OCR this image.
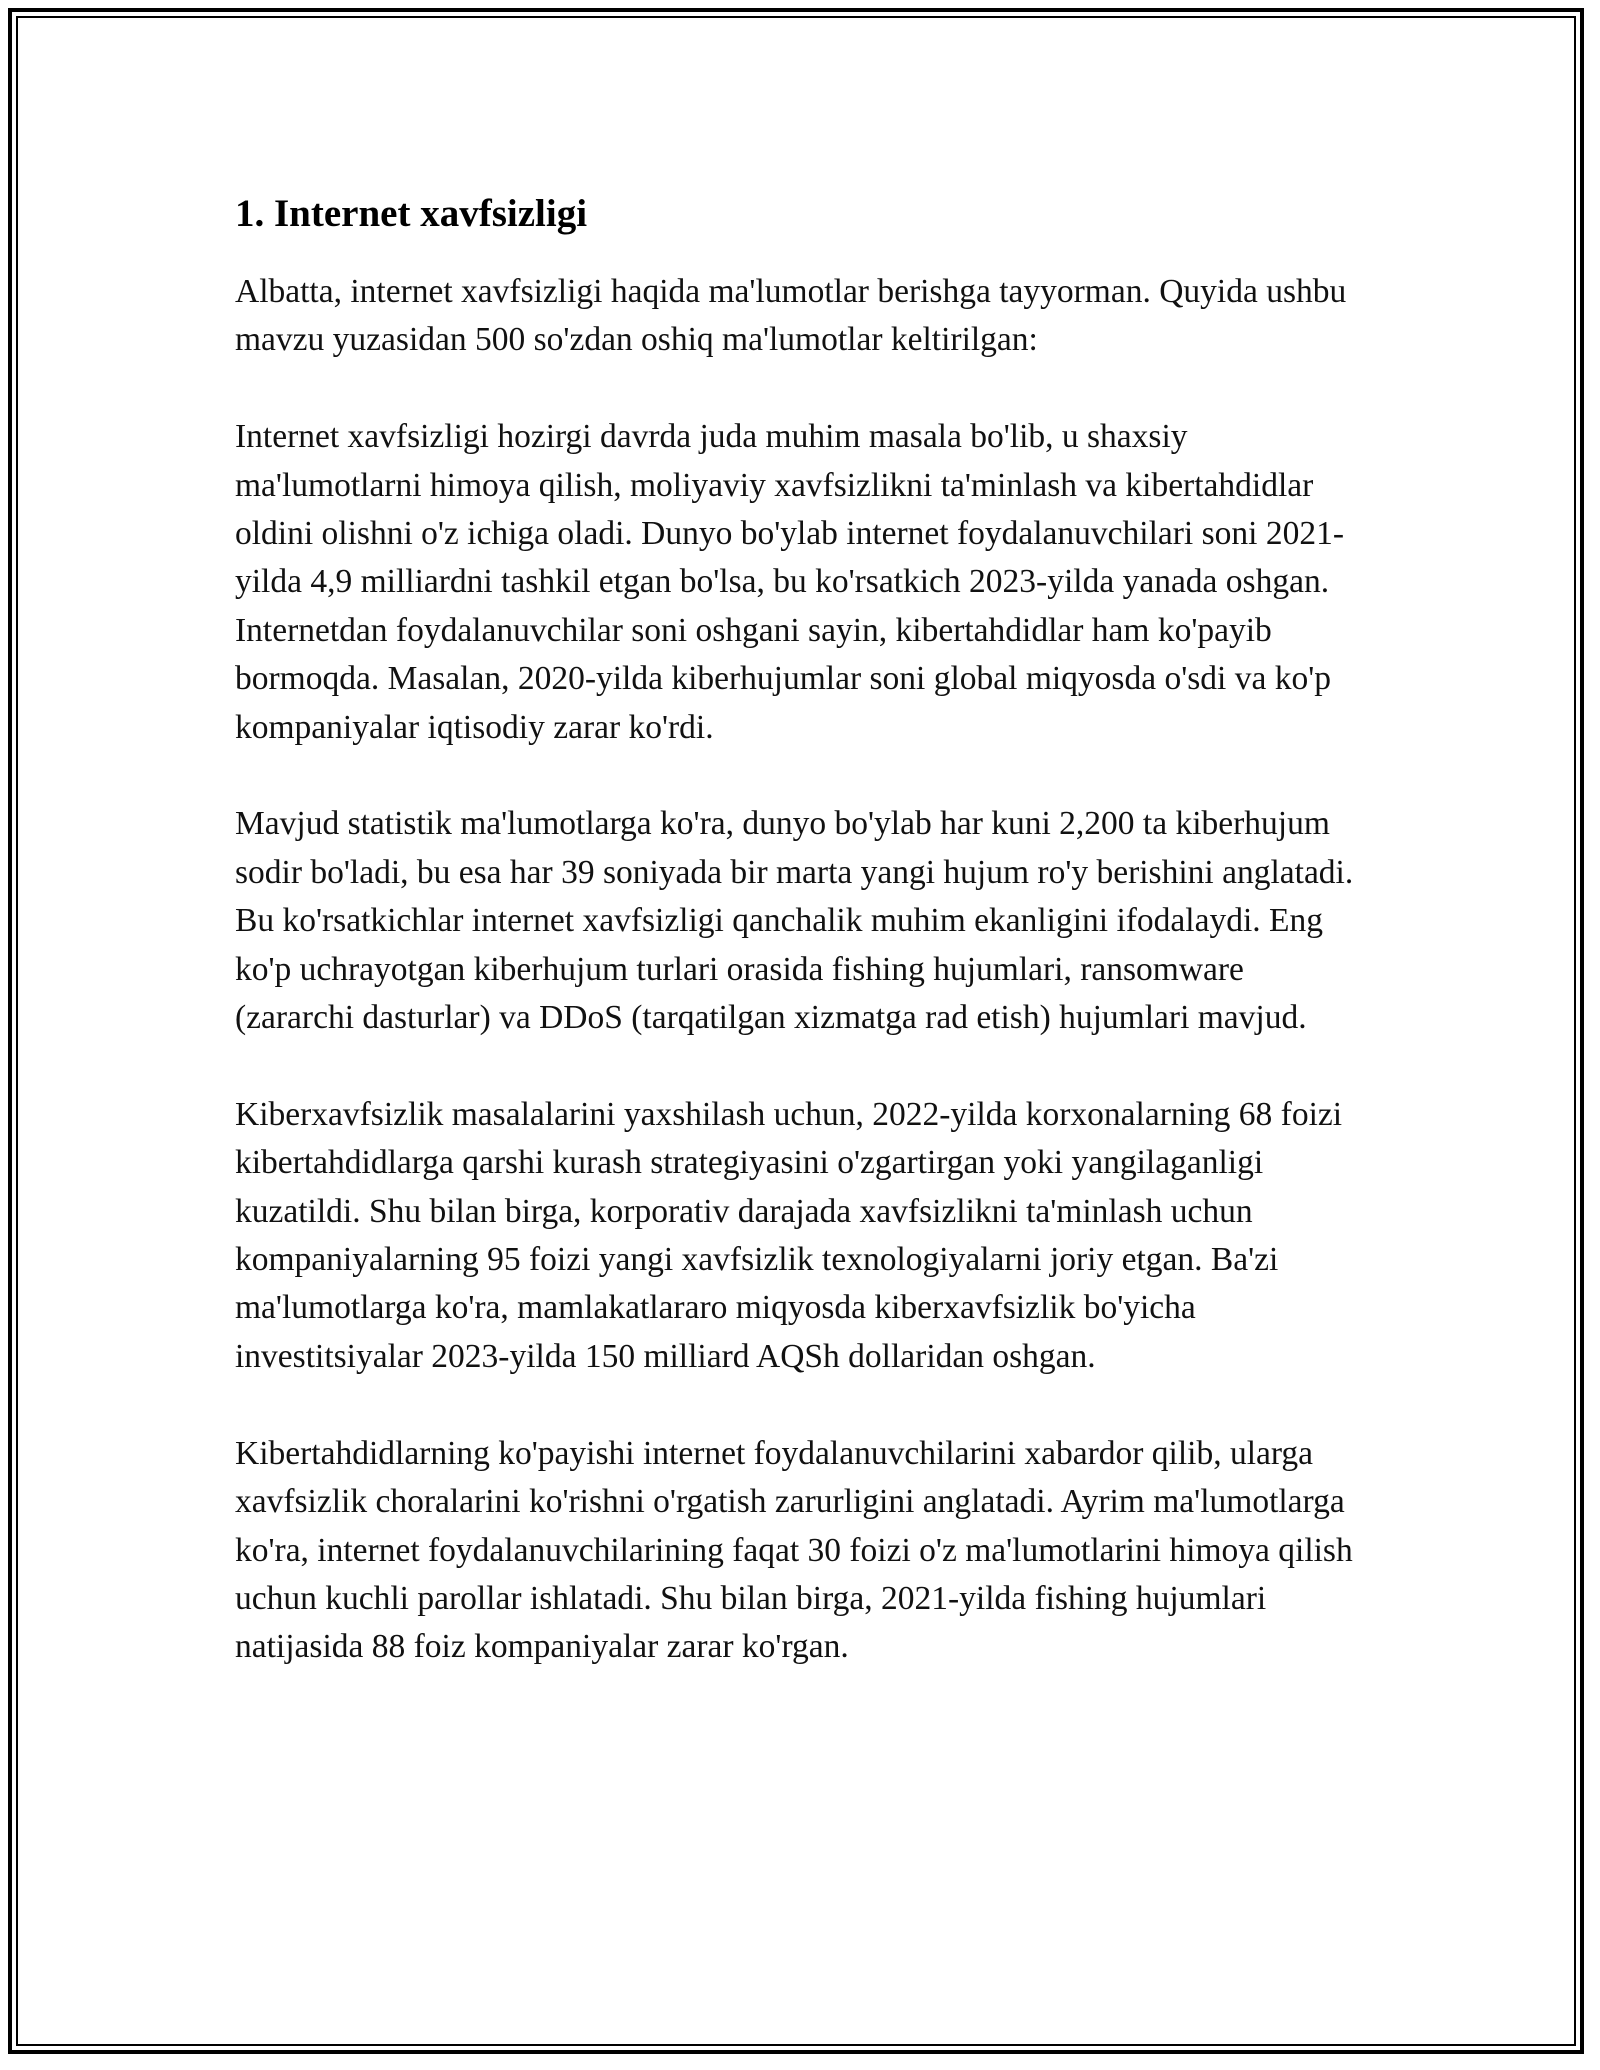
1. Internet xavfsizligi

Albatta, internet xavfsizligi haqida ma'lumotlar berishga tayyorman. Quyida ushbu mavzu yuzasidan 500 so'zdan oshiq ma'lumotlar keltirilgan:

Internet xavfsizligi hozirgi davrda juda muhim masala bo'lib, u shaxsiy ma'lumotlarni himoya qilish, moliyaviy xavfsizlikni ta'minlash va kibertahdidlar oldini olishni o'z ichiga oladi. Dunyo bo'ylab internet foydalanuvchilari soni 2021-yilda 4,9 milliardni tashkil etgan bo'lsa, bu ko'rsatkich 2023-yilda yanada oshgan. Internetdan foydalanuvchilar soni oshgani sayin, kibertahdidlar ham ko'payib bormoqda. Masalan, 2020-yilda kiberhujumlar soni global miqyosda o'sdi va ko'p kompaniyalar iqtisodiy zarar ko'rdi.

Mavjud statistik ma'lumotlarga ko'ra, dunyo bo'ylab har kuni 2,200 ta kiberhujum sodir bo'ladi, bu esa har 39 soniyada bir marta yangi hujum ro'y berishini anglatadi. Bu ko'rsatkichlar internet xavfsizligi qanchalik muhim ekanligini ifodalaydi. Eng ko'p uchrayotgan kiberhujum turlari orasida fishing hujumlari, ransomware (zararchi dasturlar) va DDoS (tarqatilgan xizmatga rad etish) hujumlari mavjud.

Kiberxavfsizlik masalalarini yaxshilash uchun, 2022-yilda korxonalarning 68 foizi kibertahdidlarga qarshi kurash strategiyasini o'zgartirgan yoki yangilaganligi kuzatildi. Shu bilan birga, korporativ darajada xavfsizlikni ta'minlash uchun kompaniyalarning 95 foizi yangi xavfsizlik texnologiyalarni joriy etgan. Ba'zi ma'lumotlarga ko'ra, mamlakatlararo miqyosda kiberxavfsizlik bo'yicha investitsiyalar 2023-yilda 150 milliard AQSh dollaridan oshgan.

Kibertahdidlarning ko'payishi internet foydalanuvchilarini xabardor qilib, ularga xavfsizlik choralarini ko'rishni o'rgatish zarurligini anglatadi. Ayrim ma'lumotlarga ko'ra, internet foydalanuvchilarining faqat 30 foizi o'z ma'lumotlarini himoya qilish uchun kuchli parollar ishlatadi. Shu bilan birga, 2021-yilda fishing hujumlari natijasida 88 foiz kompaniyalar zarar ko'rgan.
